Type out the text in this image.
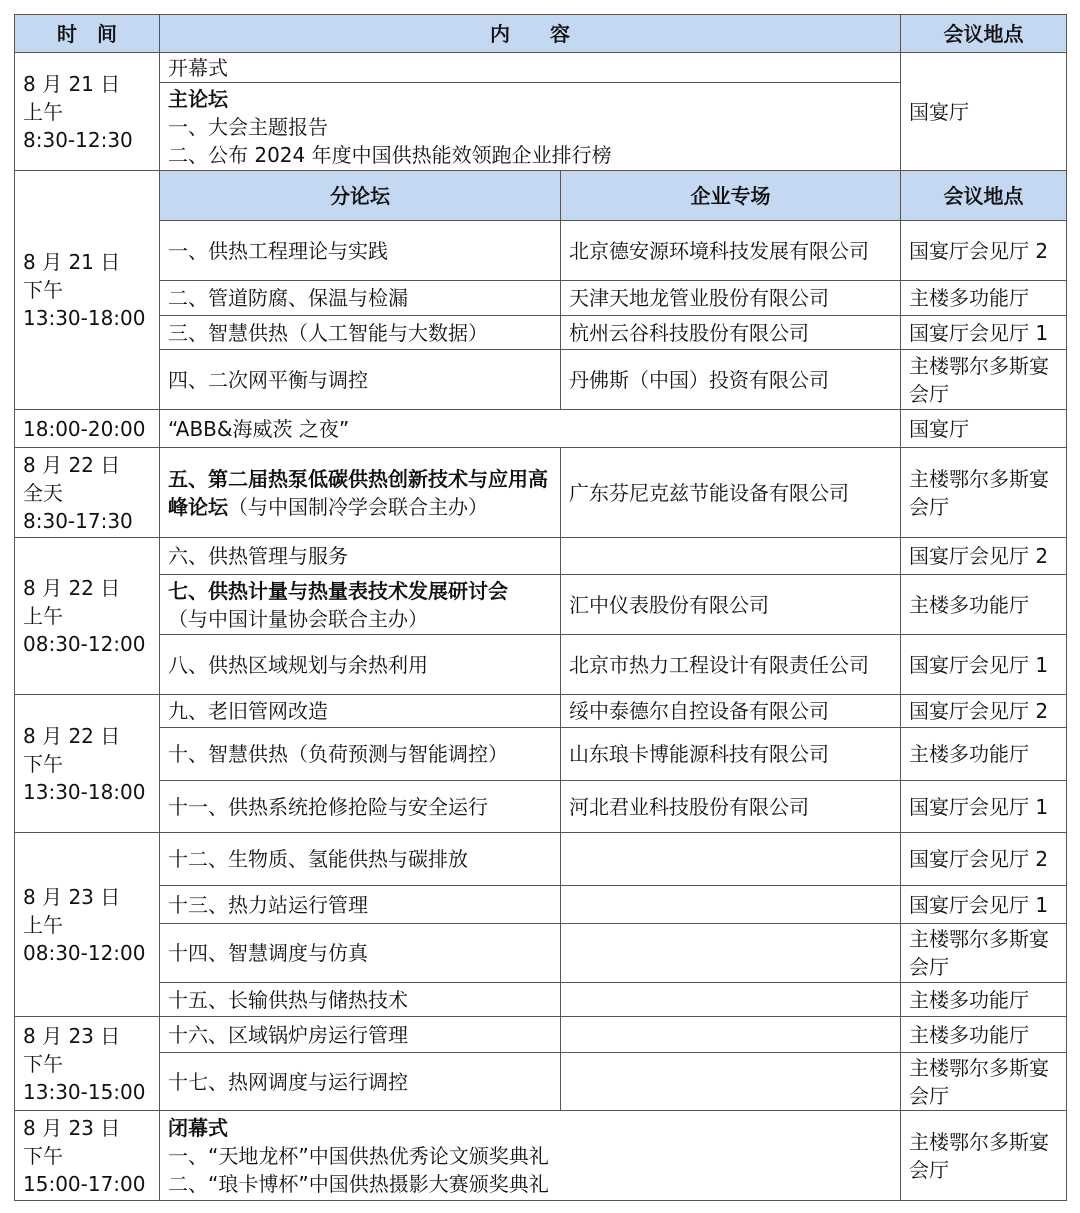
时　间	内　　容		会议地点

8 月 21 日
上午
8:30-12:30	开幕式		国宴厅

	主论坛
一、大会主题报告
二、公布 2024 年度中国供热能效领跑企业排行榜		

8 月 21 日
下午
13:30-18:00	分论坛	企业专场	会议地点
	一、供热工程理论与实践	北京德安源环境科技发展有限公司	国宴厅会见厅 2
	二、管道防腐、保温与检漏	天津天地龙管业股份有限公司	主楼多功能厅
	三、智慧供热（人工智能与大数据）	杭州云谷科技股份有限公司	国宴厅会见厅 1
	四、二次网平衡与调控	丹佛斯（中国）投资有限公司	主楼鄂尔多斯宴会厅
18:00-20:00	“ABB&海威茨 之夜”		国宴厅

8 月 22 日
全天
8:30-17:30	五、第二届热泵低碳供热创新技术与应用高峰论坛（与中国制冷学会联合主办）	广东芬尼克兹节能设备有限公司	主楼鄂尔多斯宴会厅

8 月 22 日
上午
08:30-12:00	六、供热管理与服务		国宴厅会见厅 2

	七、供热计量与热量表技术发展研讨会
（与中国计量协会联合主办）	汇中仪表股份有限公司	主楼多功能厅
	八、供热区域规划与余热利用	北京市热力工程设计有限责任公司	国宴厅会见厅 1

8 月 22 日
下午
13:30-18:00	九、老旧管网改造	绥中泰德尔自控设备有限公司	国宴厅会见厅 2
	十、智慧供热（负荷预测与智能调控）	山东琅卡博能源科技有限公司	主楼多功能厅
	十一、供热系统抢修抢险与安全运行	河北君业科技股份有限公司	国宴厅会见厅 1

8 月 23 日
上午
08:30-12:00	十二、生物质、氢能供热与碳排放		国宴厅会见厅 2
	十三、热力站运行管理		国宴厅会见厅 1
	十四、智慧调度与仿真		主楼鄂尔多斯宴会厅
	十五、长输供热与储热技术		主楼多功能厅

8 月 23 日
下午
13:30-15:00	十六、区域锅炉房运行管理		主楼多功能厅
	十七、热网调度与运行调控		主楼鄂尔多斯宴会厅

8 月 23 日
下午
15:00-17:00	闭幕式
一、“天地龙杯”中国供热优秀论文颁奖典礼
二、“琅卡博杯”中国供热摄影大赛颁奖典礼		主楼鄂尔多斯宴会厅
